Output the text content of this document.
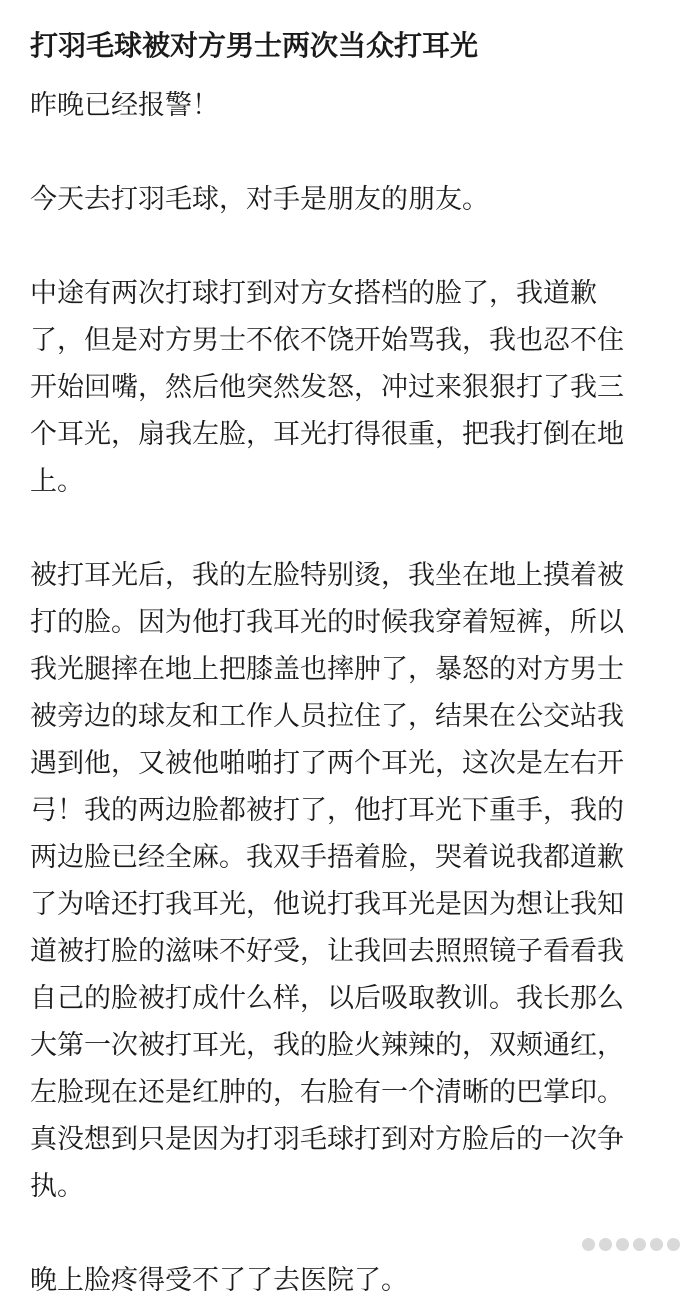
打羽毛球被对方男士两次当众打耳光
昨晚已经报警！
今天去打羽毛球，对手是朋友的朋友。
中途有两次打球打到对方女搭档的脸了，我道歉
了，但是对方男士不依不饶开始骂我，我也忍不住
开始回嘴，然后他突然发怒，冲过来狠狠打了我三
个耳光，扇我左脸，耳光打得很重，把我打倒在地
上。
被打耳光后，我的左脸特别烫，我坐在地上摸着被
打的脸。因为他打我耳光的时候我穿着短裤，所以
我光腿摔在地上把膝盖也摔肿了，暴怒的对方男士
被旁边的球友和工作人员拉住了，结果在公交站我
遇到他，又被他啪啪打了两个耳光，这次是左右开
弓！我的两边脸都被打了，他打耳光下重手，我的
两边脸已经全麻。我双手捂着脸，哭着说我都道歉
了为啥还打我耳光，他说打我耳光是因为想让我知
道被打脸的滋味不好受，让我回去照照镜子看看我
自己的脸被打成什么样，以后吸取教训。我长那么
大第一次被打耳光，我的脸火辣辣的，双颊通红，
左脸现在还是红肿的，右脸有一个清晰的巴掌印。
真没想到只是因为打羽毛球打到对方脸后的一次争
执。
晚上脸疼得受不了了去医院了。
